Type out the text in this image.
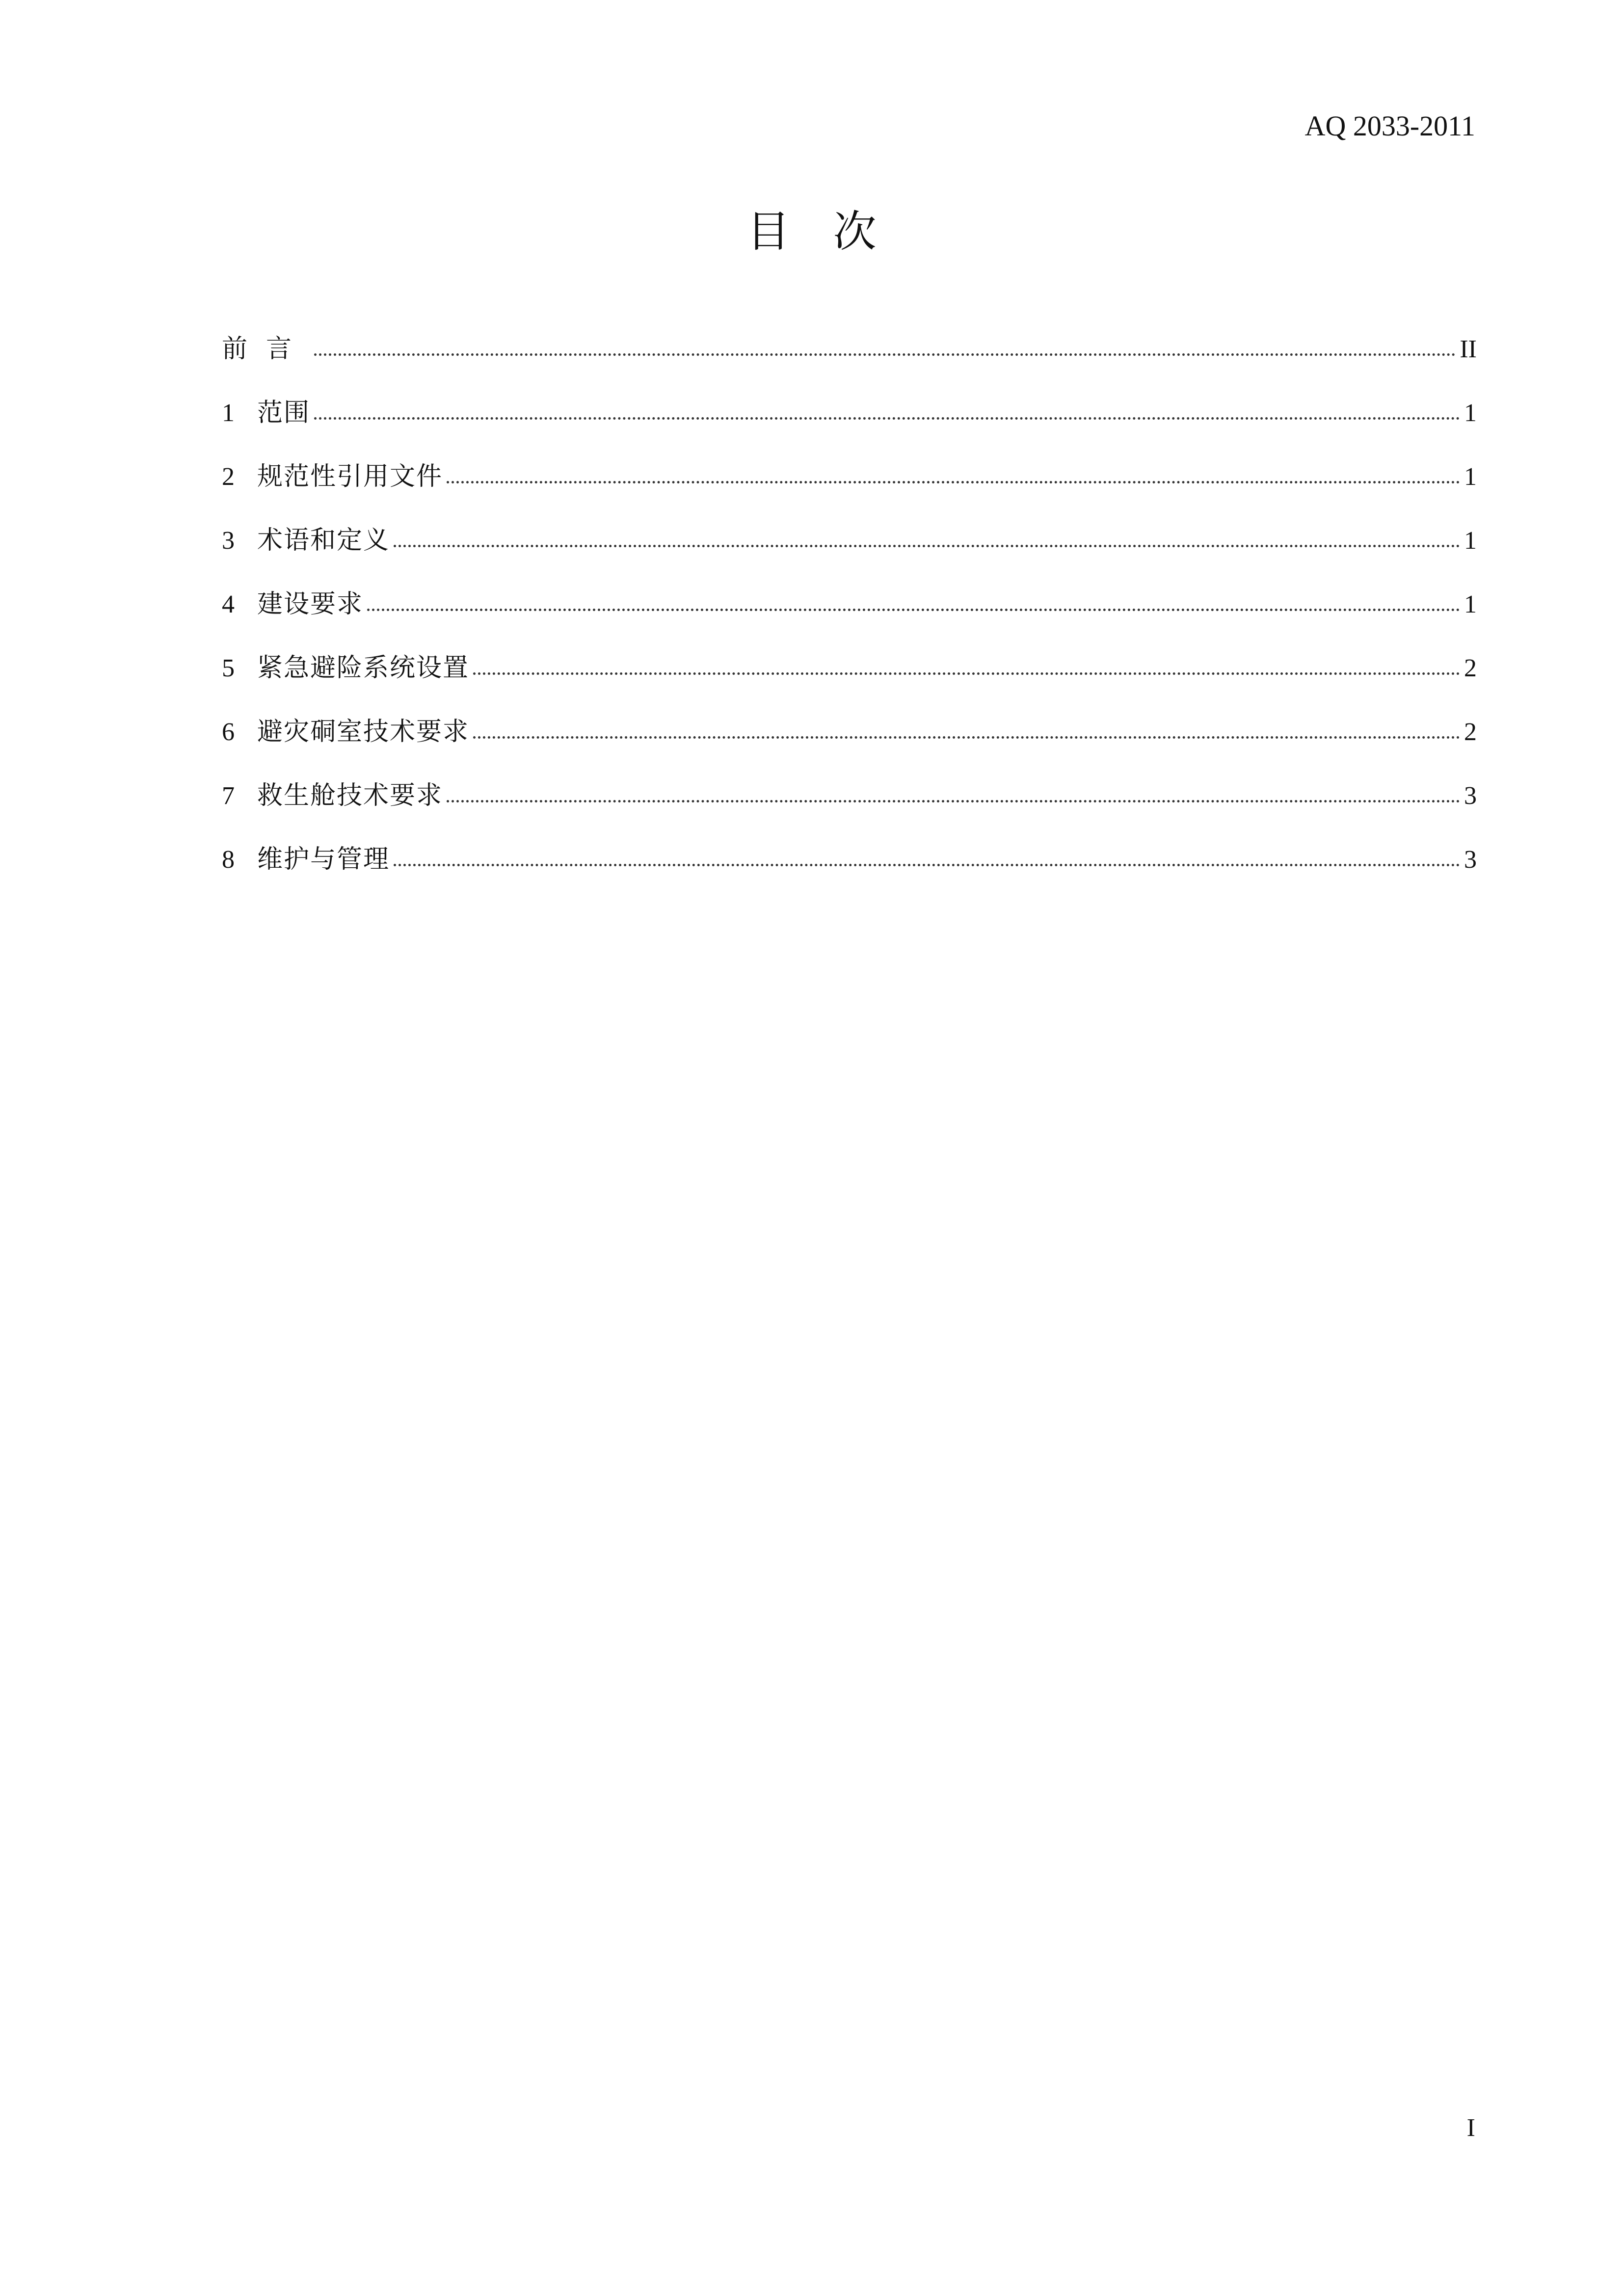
AQ 2033-2011
目 次
前言	II
1 范围	1
2 规范性引用文件	1
3 术语和定义	1
4 建设要求	1
5 紧急避险系统设置	2
6 避灾硐室技术要求	2
7 救生舱技术要求	3
8 维护与管理	3
I
